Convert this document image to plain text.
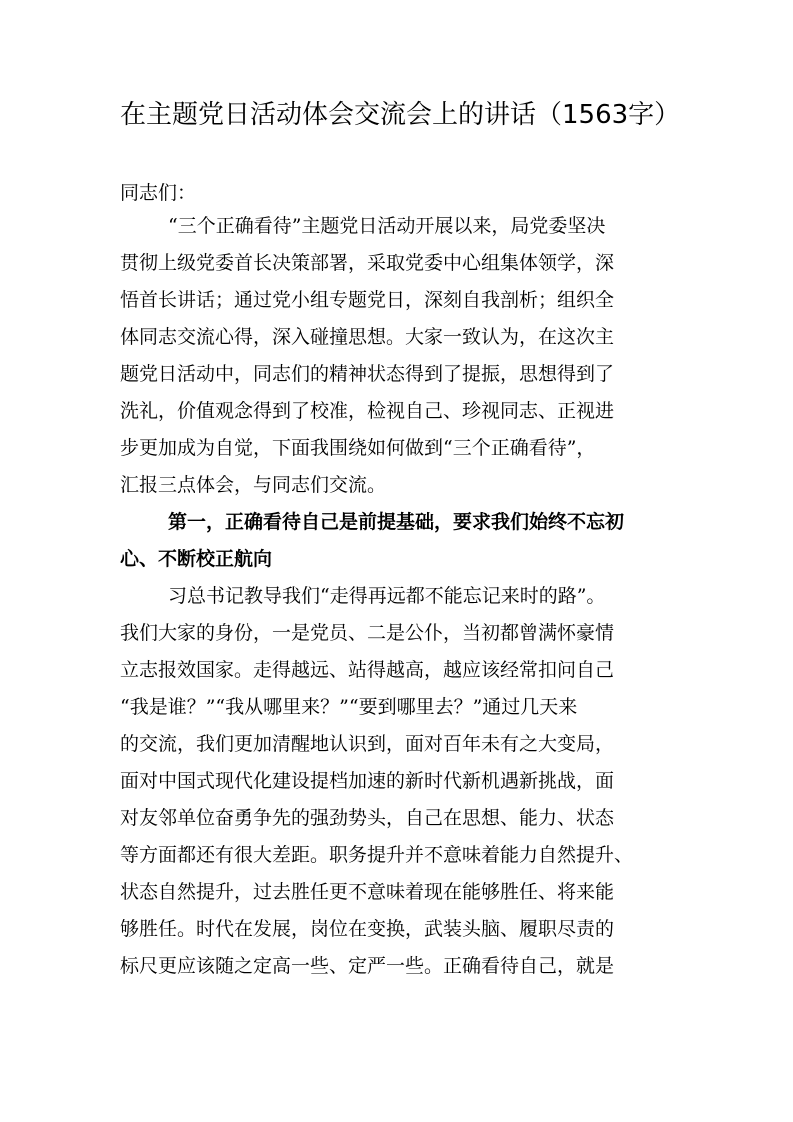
在主题党日活动体会交流会上的讲话（1563字）

同志们：

“三个正确看待”主题党日活动开展以来，局党委坚决

贯彻上级党委首长决策部署，采取党委中心组集体领学，深

悟首长讲话；通过党小组专题党日，深刻自我剖析；组织全

体同志交流心得，深入碰撞思想。大家一致认为，在这次主

题党日活动中，同志们的精神状态得到了提振，思想得到了

洗礼，价值观念得到了校准，检视自己、珍视同志、正视进

步更加成为自觉，下面我围绕如何做到“三个正确看待”，

汇报三点体会，与同志们交流。

第一，正确看待自己是前提基础，要求我们始终不忘初

心、不断校正航向

习总书记教导我们“走得再远都不能忘记来时的路”。

我们大家的身份，一是党员、二是公仆，当初都曾满怀豪情

立志报效国家。走得越远、站得越高，越应该经常扣问自己

“我是谁？”“我从哪里来？”“要到哪里去？”通过几天来

的交流，我们更加清醒地认识到，面对百年未有之大变局，

面对中国式现代化建设提档加速的新时代新机遇新挑战，面

对友邻单位奋勇争先的强劲势头，自己在思想、能力、状态

等方面都还有很大差距。职务提升并不意味着能力自然提升、

状态自然提升，过去胜任更不意味着现在能够胜任、将来能

够胜任。时代在发展，岗位在变换，武装头脑、履职尽责的

标尺更应该随之定高一些、定严一些。正确看待自己，就是
